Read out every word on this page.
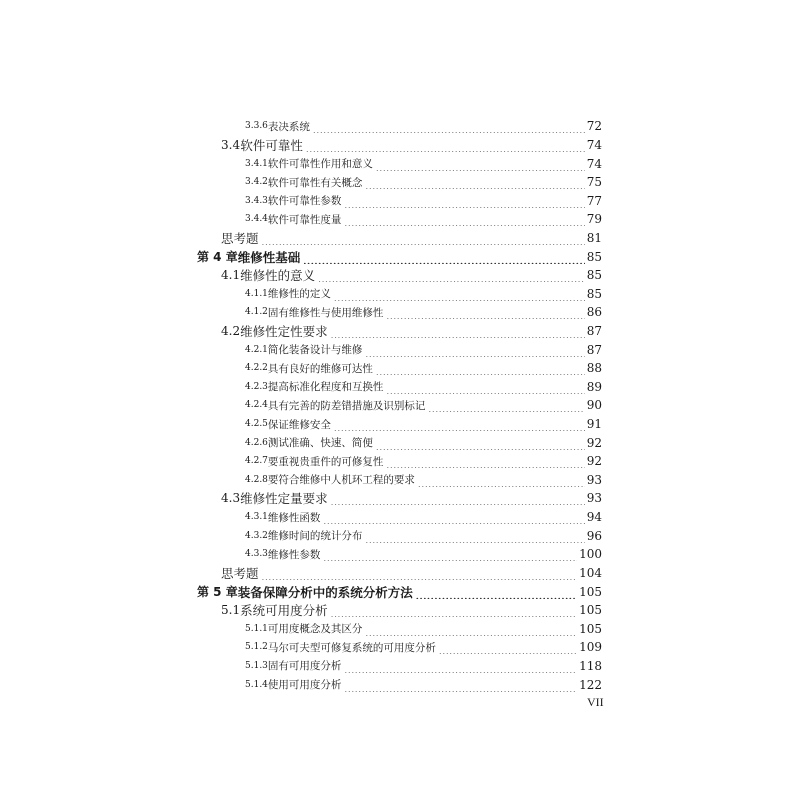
3.3.6 表决系统 ·····	72
3.4 软件可靠性 ·····	74
3.4.1 软件可靠性作用和意义 ·····	74
3.4.2 软件可靠性有关概念 ·····	75
3.4.3 软件可靠性参数 ·····	77
3.4.4 软件可靠性度量 ·····	79
思考题 ·····	81
第 4 章 维修性基础 ·····	85
4.1 维修性的意义 ·····	85
4.1.1 维修性的定义 ·····	85
4.1.2 固有维修性与使用维修性 ·····	86
4.2 维修性定性要求 ·····	87
4.2.1 简化装备设计与维修 ·····	87
4.2.2 具有良好的维修可达性 ·····	88
4.2.3 提高标准化程度和互换性 ·····	89
4.2.4 具有完善的防差错措施及识别标记 ·····	90
4.2.5 保证维修安全 ·····	91
4.2.6 测试准确、快速、简便 ·····	92
4.2.7 要重视贵重件的可修复性 ·····	92
4.2.8 要符合维修中人机环工程的要求 ·····	93
4.3 维修性定量要求 ·····	93
4.3.1 维修性函数 ·····	94
4.3.2 维修时间的统计分布 ·····	96
4.3.3 维修性参数 ·····	100
思考题 ·····	104
第 5 章 装备保障分析中的系统分析方法 ·····	105
5.1 系统可用度分析 ·····	105
5.1.1 可用度概念及其区分 ·····	105
5.1.2 马尔可夫型可修复系统的可用度分析 ·····	109
5.1.3 固有可用度分析 ·····	118
5.1.4 使用可用度分析 ·····	122
VII
